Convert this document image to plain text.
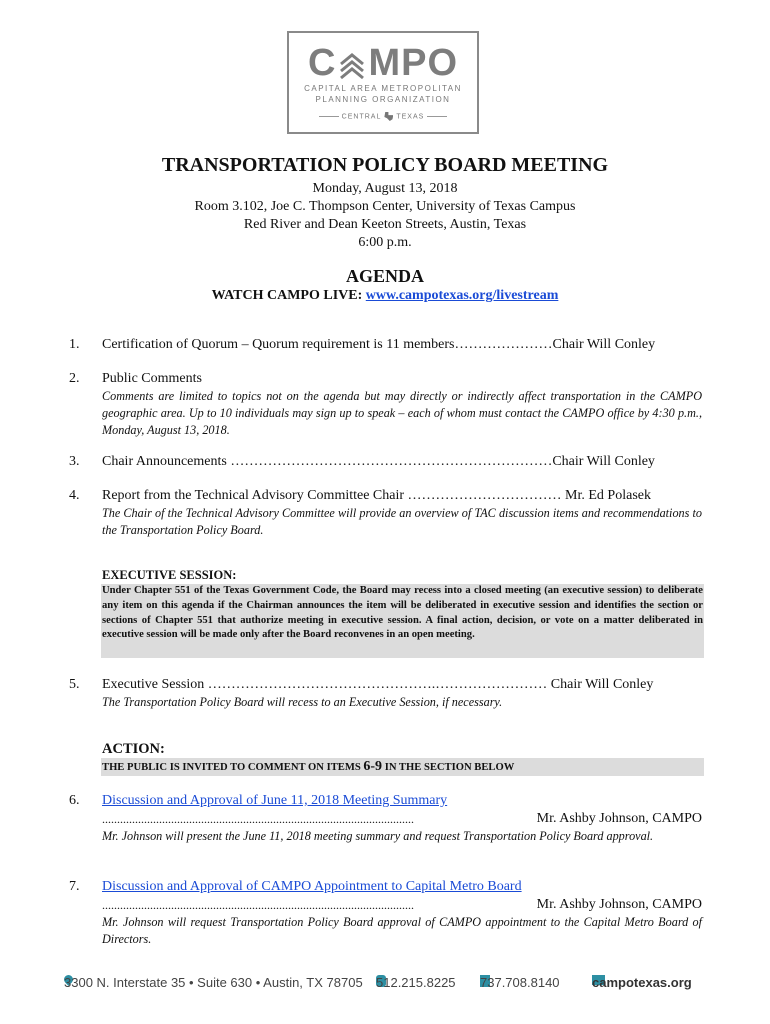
C MPO
CAPITAL AREA METROPOLITAN
PLANNING ORGANIZATION
CENTRAL TEXAS
TRANSPORTATION POLICY BOARD MEETING
Monday, August 13, 2018
Room 3.102, Joe C. Thompson Center, University of Texas Campus
Red River and Dean Keeton Streets, Austin, Texas
6:00 p.m.
AGENDA
WATCH CAMPO LIVE: www.campotexas.org/livestream
1. Certification of Quorum – Quorum requirement is 11 members…………………Chair Will Conley
2. Public Comments
Comments are limited to topics not on the agenda but may directly or indirectly affect transportation in the CAMPO geographic area. Up to 10 individuals may sign up to speak – each of whom must contact the CAMPO office by 4:30 p.m., Monday, August 13, 2018.
3. Chair Announcements ……………………………………………………………Chair Will Conley
4. Report from the Technical Advisory Committee Chair …………………………… Mr. Ed Polasek
The Chair of the Technical Advisory Committee will provide an overview of TAC discussion items and recommendations to the Transportation Policy Board.
EXECUTIVE SESSION:
Under Chapter 551 of the Texas Government Code, the Board may recess into a closed meeting (an executive session) to deliberate any item on this agenda if the Chairman announces the item will be deliberated in executive session and identifies the section or sections of Chapter 551 that authorize meeting in executive session. A final action, decision, or vote on a matter deliberated in executive session will be made only after the Board reconvenes in an open meeting.
5. Executive Session ………………………………………….…………………… Chair Will Conley
The Transportation Policy Board will recess to an Executive Session, if necessary.
ACTION:
THE PUBLIC IS INVITED TO COMMENT ON ITEMS 6-9 IN THE SECTION BELOW
6. Discussion and Approval of June 11, 2018 Meeting Summary
........................................................................................................	Mr. Ashby Johnson, CAMPO
Mr. Johnson will present the June 11, 2018 meeting summary and request Transportation Policy Board approval.
7. Discussion and Approval of CAMPO Appointment to Capital Metro Board
........................................................................................................	Mr. Ashby Johnson, CAMPO
Mr. Johnson will request Transportation Policy Board approval of CAMPO appointment to the Capital Metro Board of Directors.
3300 N. Interstate 35 • Suite 630 • Austin, TX 78705 512.215.8225 737.708.8140 campotexas.org
